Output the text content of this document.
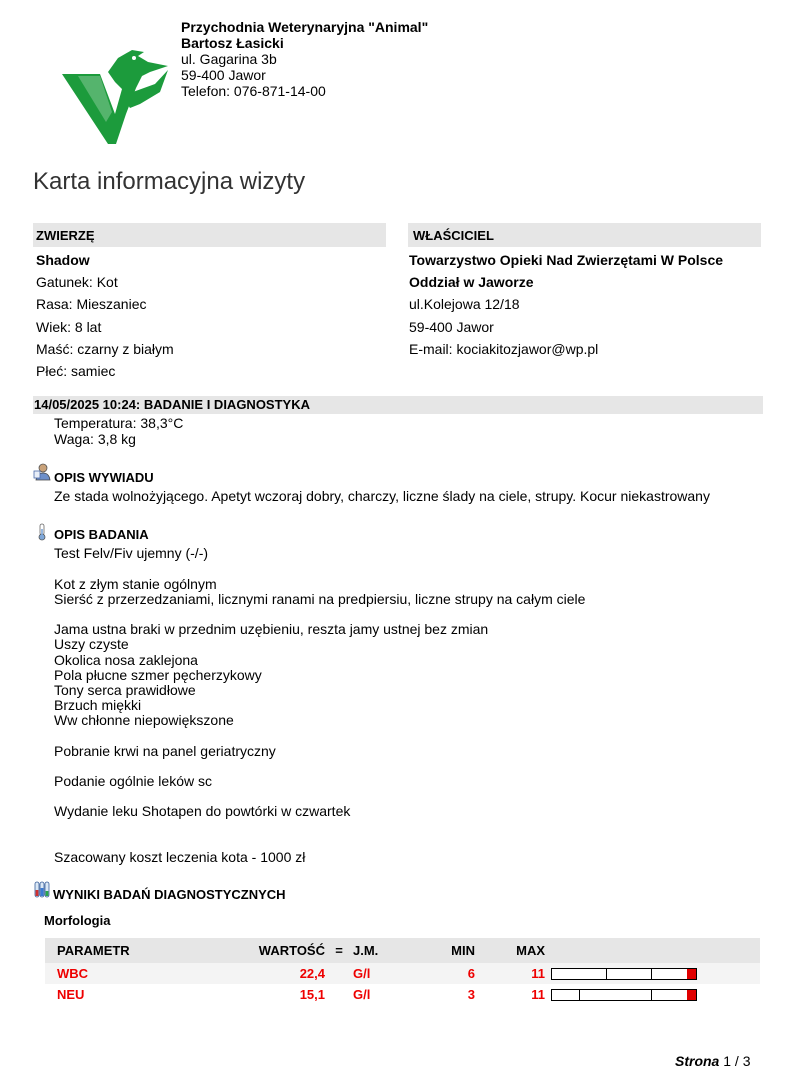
Przychodnia Weterynaryjna "Animal"
Bartosz Łasicki
ul. Gagarina 3b
59-400 Jawor
Telefon: 076-871-14-00
Karta informacyjna wizyty
ZWIERZĘ
Shadow
Gatunek: Kot
Rasa: Mieszaniec
Wiek: 8 lat
Maść: czarny z białym
Płeć: samiec
WŁAŚCICIEL
Towarzystwo Opieki Nad Zwierzętami W Polsce
Oddział w Jaworze
ul.Kolejowa 12/18
59-400 Jawor
E-mail: kociakitozjawor@wp.pl
14/05/2025 10:24: BADANIE I DIAGNOSTYKA
Temperatura: 38,3°C
Waga: 3,8 kg
OPIS WYWIADU
Ze stada wolnożyjącego. Apetyt wczoraj dobry, charczy, liczne ślady na ciele, strupy. Kocur niekastrowany
OPIS BADANIA
Test Felv/Fiv ujemny (-/-)
Kot z złym stanie ogólnym
Sierść z przerzedzaniami, licznymi ranami na predpiersiu, liczne strupy na całym ciele
Jama ustna braki w przednim uzębieniu, reszta jamy ustnej bez zmian
Uszy czyste
Okolica nosa zaklejona
Pola płucne szmer pęcherzykowy
Tony serca prawidłowe
Brzuch miękki
Ww chłonne niepowiększone
Pobranie krwi na panel geriatryczny
Podanie ogólnie leków sc
Wydanie leku Shotapen do powtórki w czwartek
Szacowany koszt leczenia kota - 1000 zł
WYNIKI BADAŃ DIAGNOSTYCZNYCH
Morfologia
PARAMETR	WARTOŚĆ	=	J.M.	MIN	MAX	
WBC	22,4		G/l	6	11	

NEU	15,1		G/l	3	11	
Strona 1 / 3
